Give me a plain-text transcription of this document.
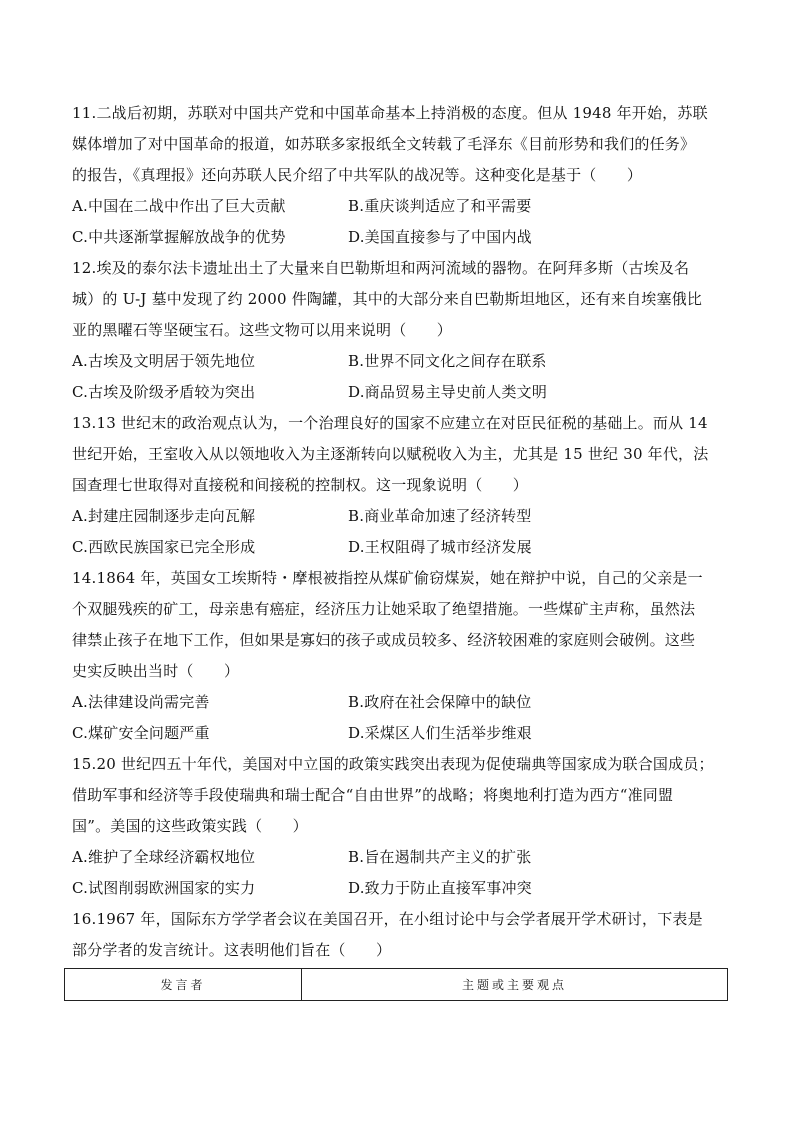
11.二战后初期，苏联对中国共产党和中国革命基本上持消极的态度。但从 1948 年开始，苏联
媒体增加了对中国革命的报道，如苏联多家报纸全文转载了毛泽东《目前形势和我们的任务》
的报告，《真理报》还向苏联人民介绍了中共军队的战况等。这种变化是基于（　　）
A.中国在二战中作出了巨大贡献	B.重庆谈判适应了和平需要
C.中共逐渐掌握解放战争的优势	D.美国直接参与了中国内战
12.埃及的泰尔法卡遗址出土了大量来自巴勒斯坦和两河流域的器物。在阿拜多斯（古埃及名
城）的 U-J 墓中发现了约 2000 件陶罐，其中的大部分来自巴勒斯坦地区，还有来自埃塞俄比
亚的黑曜石等坚硬宝石。这些文物可以用来说明（　　）
A.古埃及文明居于领先地位	B.世界不同文化之间存在联系
C.古埃及阶级矛盾较为突出	D.商品贸易主导史前人类文明
13.13 世纪末的政治观点认为，一个治理良好的国家不应建立在对臣民征税的基础上。而从 14
世纪开始，王室收入从以领地收入为主逐渐转向以赋税收入为主，尤其是 15 世纪 30 年代，法
国查理七世取得对直接税和间接税的控制权。这一现象说明（　　）
A.封建庄园制逐步走向瓦解	B.商业革命加速了经济转型
C.西欧民族国家已完全形成	D.王权阻碍了城市经济发展
14.1864 年，英国女工埃斯特・摩根被指控从煤矿偷窃煤炭，她在辩护中说，自己的父亲是一
个双腿残疾的矿工，母亲患有癌症，经济压力让她采取了绝望措施。一些煤矿主声称，虽然法
律禁止孩子在地下工作，但如果是寡妇的孩子或成员较多、经济较困难的家庭则会破例。这些
史实反映出当时（　　）
A.法律建设尚需完善	B.政府在社会保障中的缺位
C.煤矿安全问题严重	D.采煤区人们生活举步维艰
15.20 世纪四五十年代，美国对中立国的政策实践突出表现为促使瑞典等国家成为联合国成员；
借助军事和经济等手段使瑞典和瑞士配合“自由世界”的战略；将奥地利打造为西方“准同盟
国”。美国的这些政策实践（　　）
A.维护了全球经济霸权地位	B.旨在遏制共产主义的扩张
C.试图削弱欧洲国家的实力	D.致力于防止直接军事冲突
16.1967 年，国际东方学学者会议在美国召开，在小组讨论中与会学者展开学术研讨，下表是
部分学者的发言统计。这表明他们旨在（　　）
发言者	主题或主要观点
